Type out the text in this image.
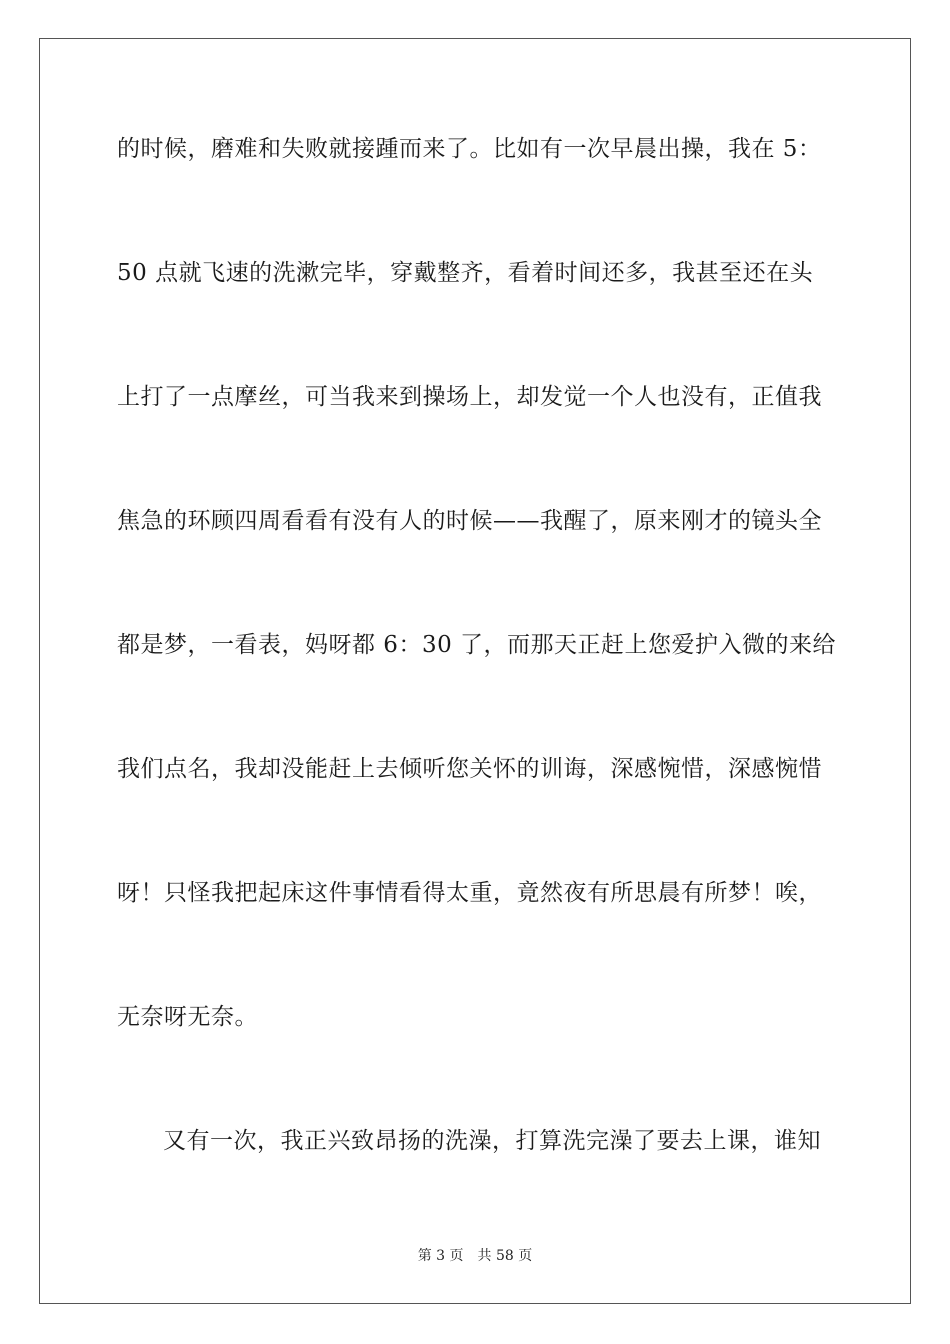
的时候，磨难和失败就接踵而来了。比如有一次早晨出操，我在 5：
50 点就飞速的洗漱完毕，穿戴整齐，看着时间还多，我甚至还在头
上打了一点摩丝，可当我来到操场上，却发觉一个人也没有，正值我
焦急的环顾四周看看有没有人的时候——我醒了，原来刚才的镜头全
都是梦，一看表，妈呀都 6：30 了，而那天正赶上您爱护入微的来给
我们点名，我却没能赶上去倾听您关怀的训诲，深感惋惜，深感惋惜
呀！只怪我把起床这件事情看得太重，竟然夜有所思晨有所梦！唉，
无奈呀无奈。
又有一次，我正兴致昂扬的洗澡，打算洗完澡了要去上课，谁知
第 3 页 共 58 页
